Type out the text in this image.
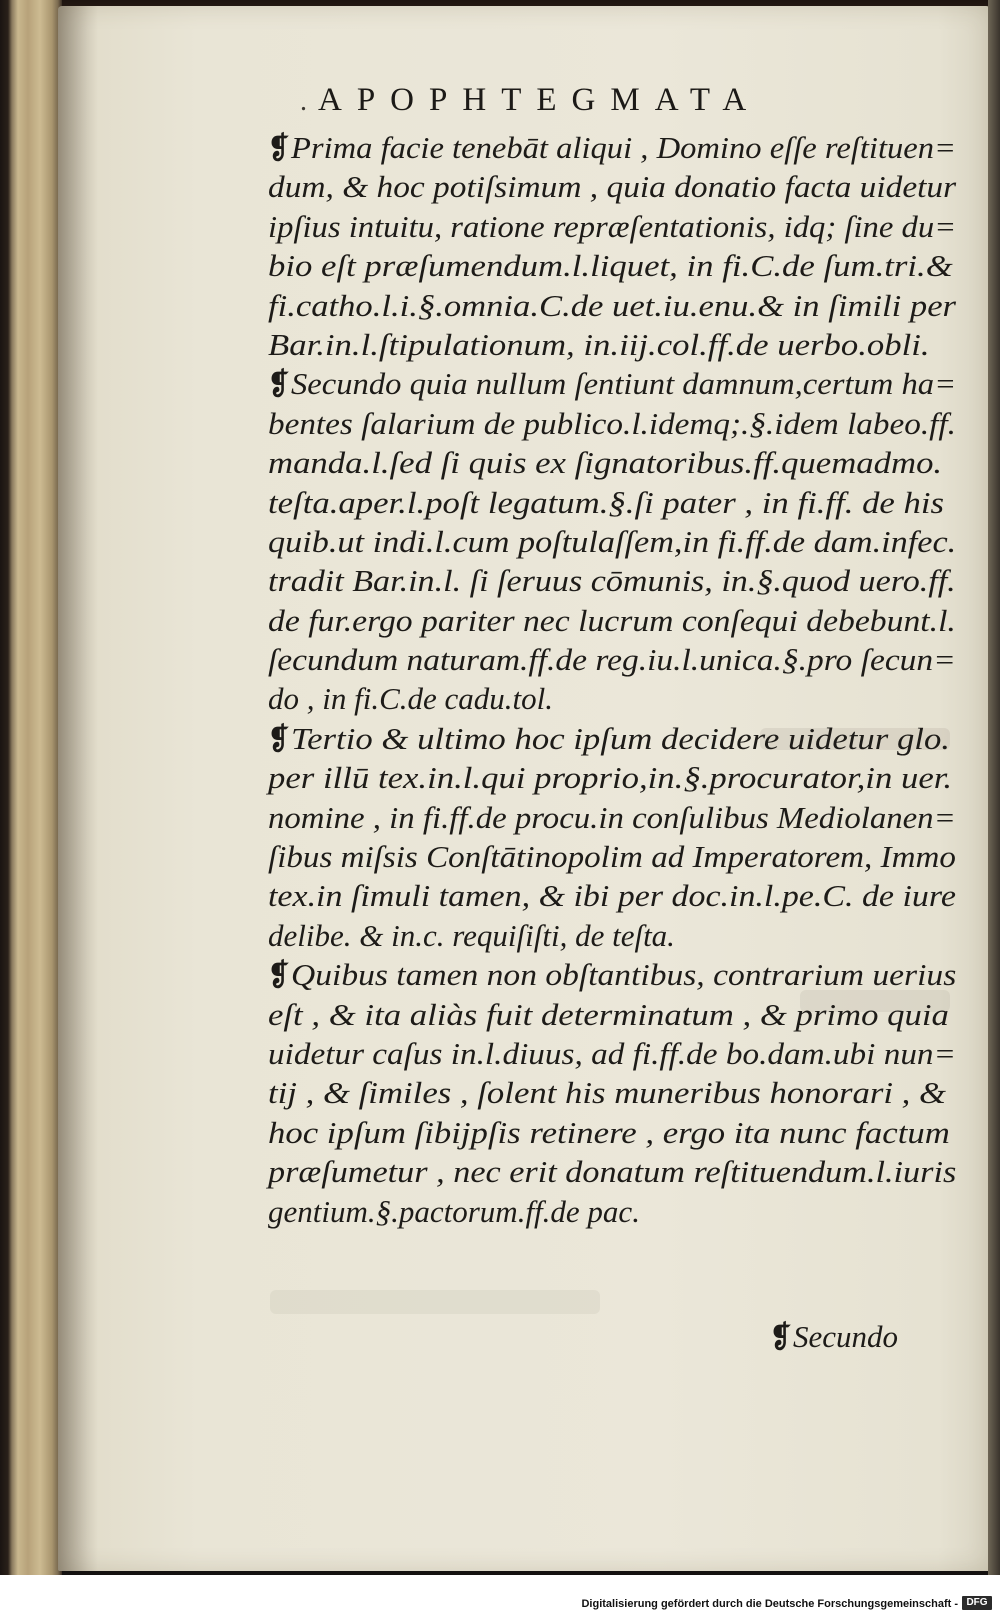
. APOPHTEGMATA
❡ Prima facie tenebāt aliqui , Domino eſſe reſtituen=
dum, & hoc potiſsimum , quia donatio facta uidetur
ipſius intuitu, ratione repræſentationis, idq; ſine du=
bio eſt præſumendum.l.liquet, in fi.C.de ſum.tri.&
fi.catho.l.i.§.omnia.C.de uet.iu.enu.& in ſimili per
Bar.in.l.ſtipulationum, in.iij.col.ff.de uerbo.obli.
❡ Secundo quia nullum ſentiunt damnum,certum ha=
bentes ſalarium de publico.l.idemq;.§.idem labeo.ff.
manda.l.ſed ſi quis ex ſignatoribus.ff.quemadmo.
teſta.aper.l.poſt legatum.§.ſi pater , in fi.ff. de his
quib.ut indi.l.cum poſtulaſſem,in fi.ff.de dam.infec.
tradit Bar.in.l. ſi ſeruus cōmunis, in.§.quod uero.ff.
de fur.ergo pariter nec lucrum conſequi debebunt.l.
ſecundum naturam.ff.de reg.iu.l.unica.§.pro ſecun=
do , in fi.C.de cadu.tol.
❡ Tertio & ultimo hoc ipſum decidere uidetur glo.
per illū tex.in.l.qui proprio,in.§.procurator,in uer.
nomine , in fi.ff.de procu.in conſulibus Mediolanen=
ſibus miſsis Conſtātinopolim ad Imperatorem, Immo
tex.in ſimuli tamen, & ibi per doc.in.l.pe.C. de iure
delibe. & in.c. requiſiſti, de teſta.
❡ Quibus tamen non obſtantibus, contrarium uerius
eſt , & ita aliàs fuit determinatum , & primo quia
uidetur caſus in.l.diuus, ad fi.ff.de bo.dam.ubi nun=
tij , & ſimiles , ſolent his muneribus honorari , &
hoc ipſum ſibijpſis retinere , ergo ita nunc factum
præſumetur , nec erit donatum reſtituendum.l.iuris
gentium.§.pactorum.ff.de pac.
❡Secundo
Digitalisierung gefördert durch die Deutsche Forschungsgemeinschaft - DFG
